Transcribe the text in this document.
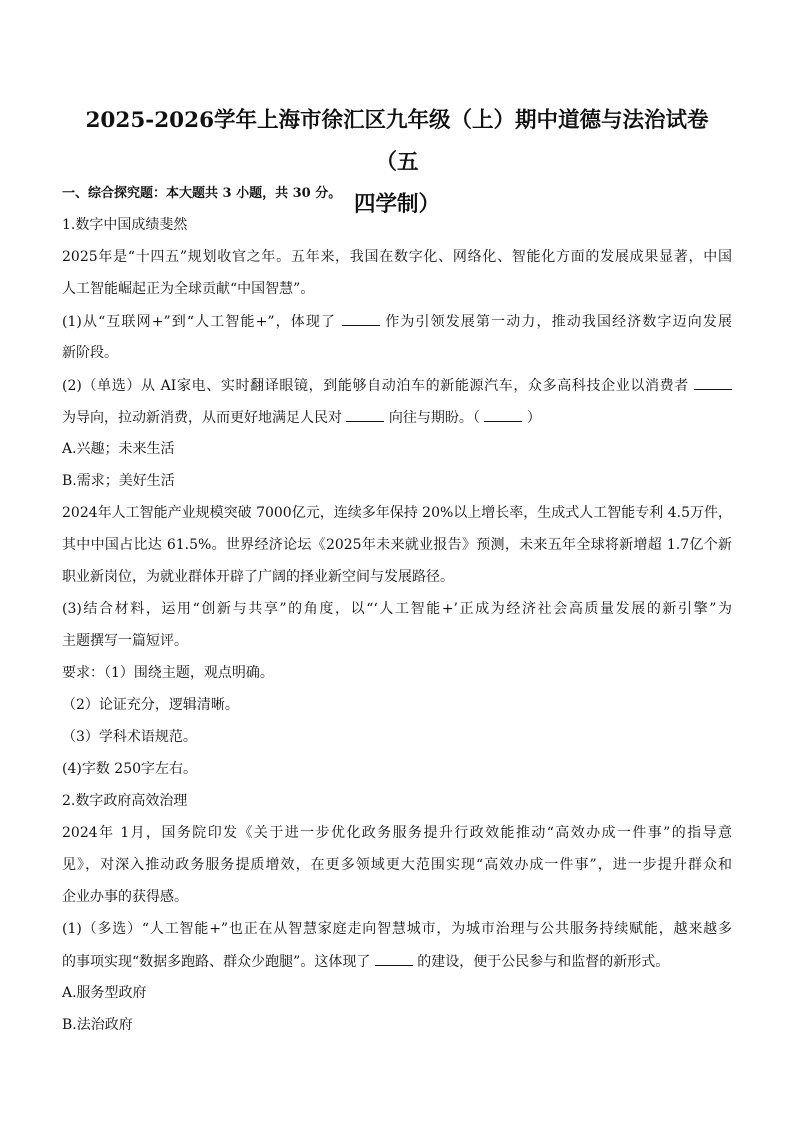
2025-2026学年上海市徐汇区九年级（上）期中道德与法治试卷（五
四学制）
一、综合探究题：本大题共 3 小题，共 30 分。
1.数字中国成绩斐然
2025年是“十四五”规划收官之年。五年来，我国在数字化、网络化、智能化方面的发展成果显著，中国
人工智能崛起正为全球贡献“中国智慧”。
(1)从“互联网+”到“人工智能+”，体现了	作为引领发展第一动力，推动我国经济数字迈向发展
新阶段。
(2)（单选）从 AI家电、实时翻译眼镜，到能够自动泊车的新能源汽车，众多高科技企业以消费者
为导向，拉动新消费，从而更好地满足人民对	向往与期盼。（	）
A.兴趣；未来生活
B.需求；美好生活
2024年人工智能产业规模突破 7000亿元，连续多年保持 20%以上增长率，生成式人工智能专利 4.5万件，
其中中国占比达 61.5%。世界经济论坛《2025年未来就业报告》预测，未来五年全球将新增超 1.7亿个新
职业新岗位，为就业群体开辟了广阔的择业新空间与发展路径。
(3)结合材料，运用“创新与共享”的角度，以“‘人工智能+’正成为经济社会高质量发展的新引擎”为
主题撰写一篇短评。
要求：（1）围绕主题，观点明确。
（2）论证充分，逻辑清晰。
（3）学科术语规范。
(4)字数 250字左右。
2.数字政府高效治理
2024年 1月，国务院印发《关于进一步优化政务服务提升行政效能推动“高效办成一件事”的指导意
见》，对深入推动政务服务提质增效，在更多领域更大范围实现“高效办成一件事”，进一步提升群众和
企业办事的获得感。
(1)（多选）“人工智能+”也正在从智慧家庭走向智慧城市，为城市治理与公共服务持续赋能，越来越多
的事项实现“数据多跑路、群众少跑腿”。这体现了	的建设，便于公民参与和监督的新形式。
A.服务型政府
B.法治政府
